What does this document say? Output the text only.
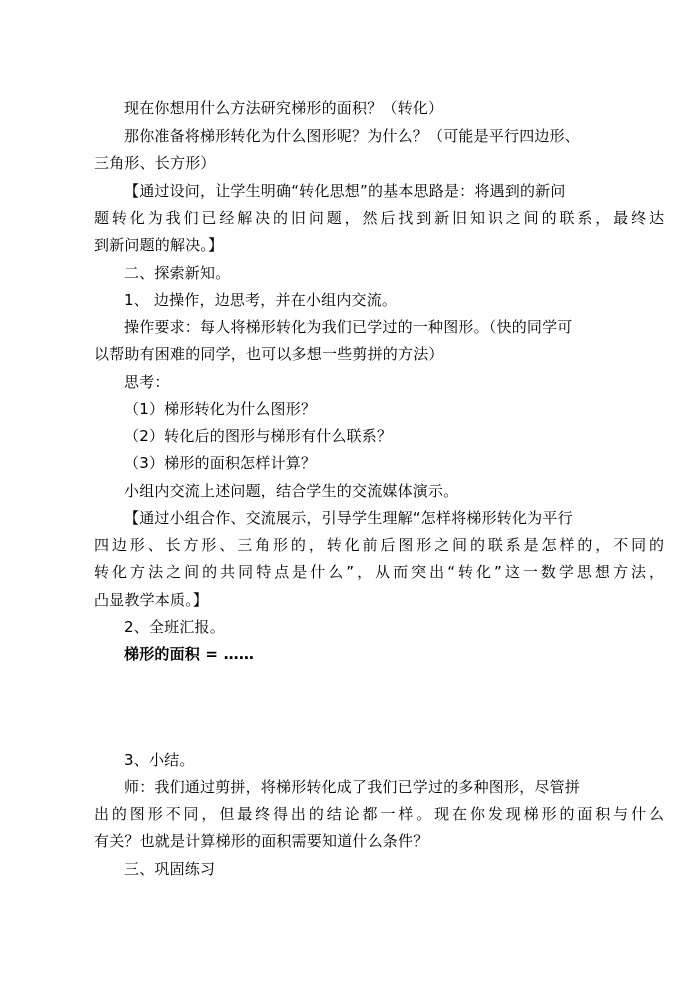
现在你想用什么方法研究梯形的面积？（转化）
那你准备将梯形转化为什么图形呢？为什么？（可能是平行四边形、
三角形、长方形）
【通过设问，让学生明确“转化思想”的基本思路是：将遇到的新问
题转化为我们已经解决的旧问题，然后找到新旧知识之间的联系，最终达
到新问题的解决。】
二、探索新知。
1、 边操作，边思考，并在小组内交流。
操作要求：每人将梯形转化为我们已学过的一种图形。（快的同学可
以帮助有困难的同学，也可以多想一些剪拼的方法）
思考：
（1）梯形转化为什么图形？
（2）转化后的图形与梯形有什么联系？
（3）梯形的面积怎样计算？
小组内交流上述问题，结合学生的交流媒体演示。
【通过小组合作、交流展示，引导学生理解“怎样将梯形转化为平行
四边形、长方形、三角形的，转化前后图形之间的联系是怎样的，不同的
转化方法之间的共同特点是什么”，从而突出“转化”这一数学思想方法，
凸显教学本质。】
2、全班汇报。
梯形的面积 = ……
3、小结。
师：我们通过剪拼，将梯形转化成了我们已学过的多种图形，尽管拼
出的图形不同，但最终得出的结论都一样。现在你发现梯形的面积与什么
有关？也就是计算梯形的面积需要知道什么条件？
三、巩固练习
